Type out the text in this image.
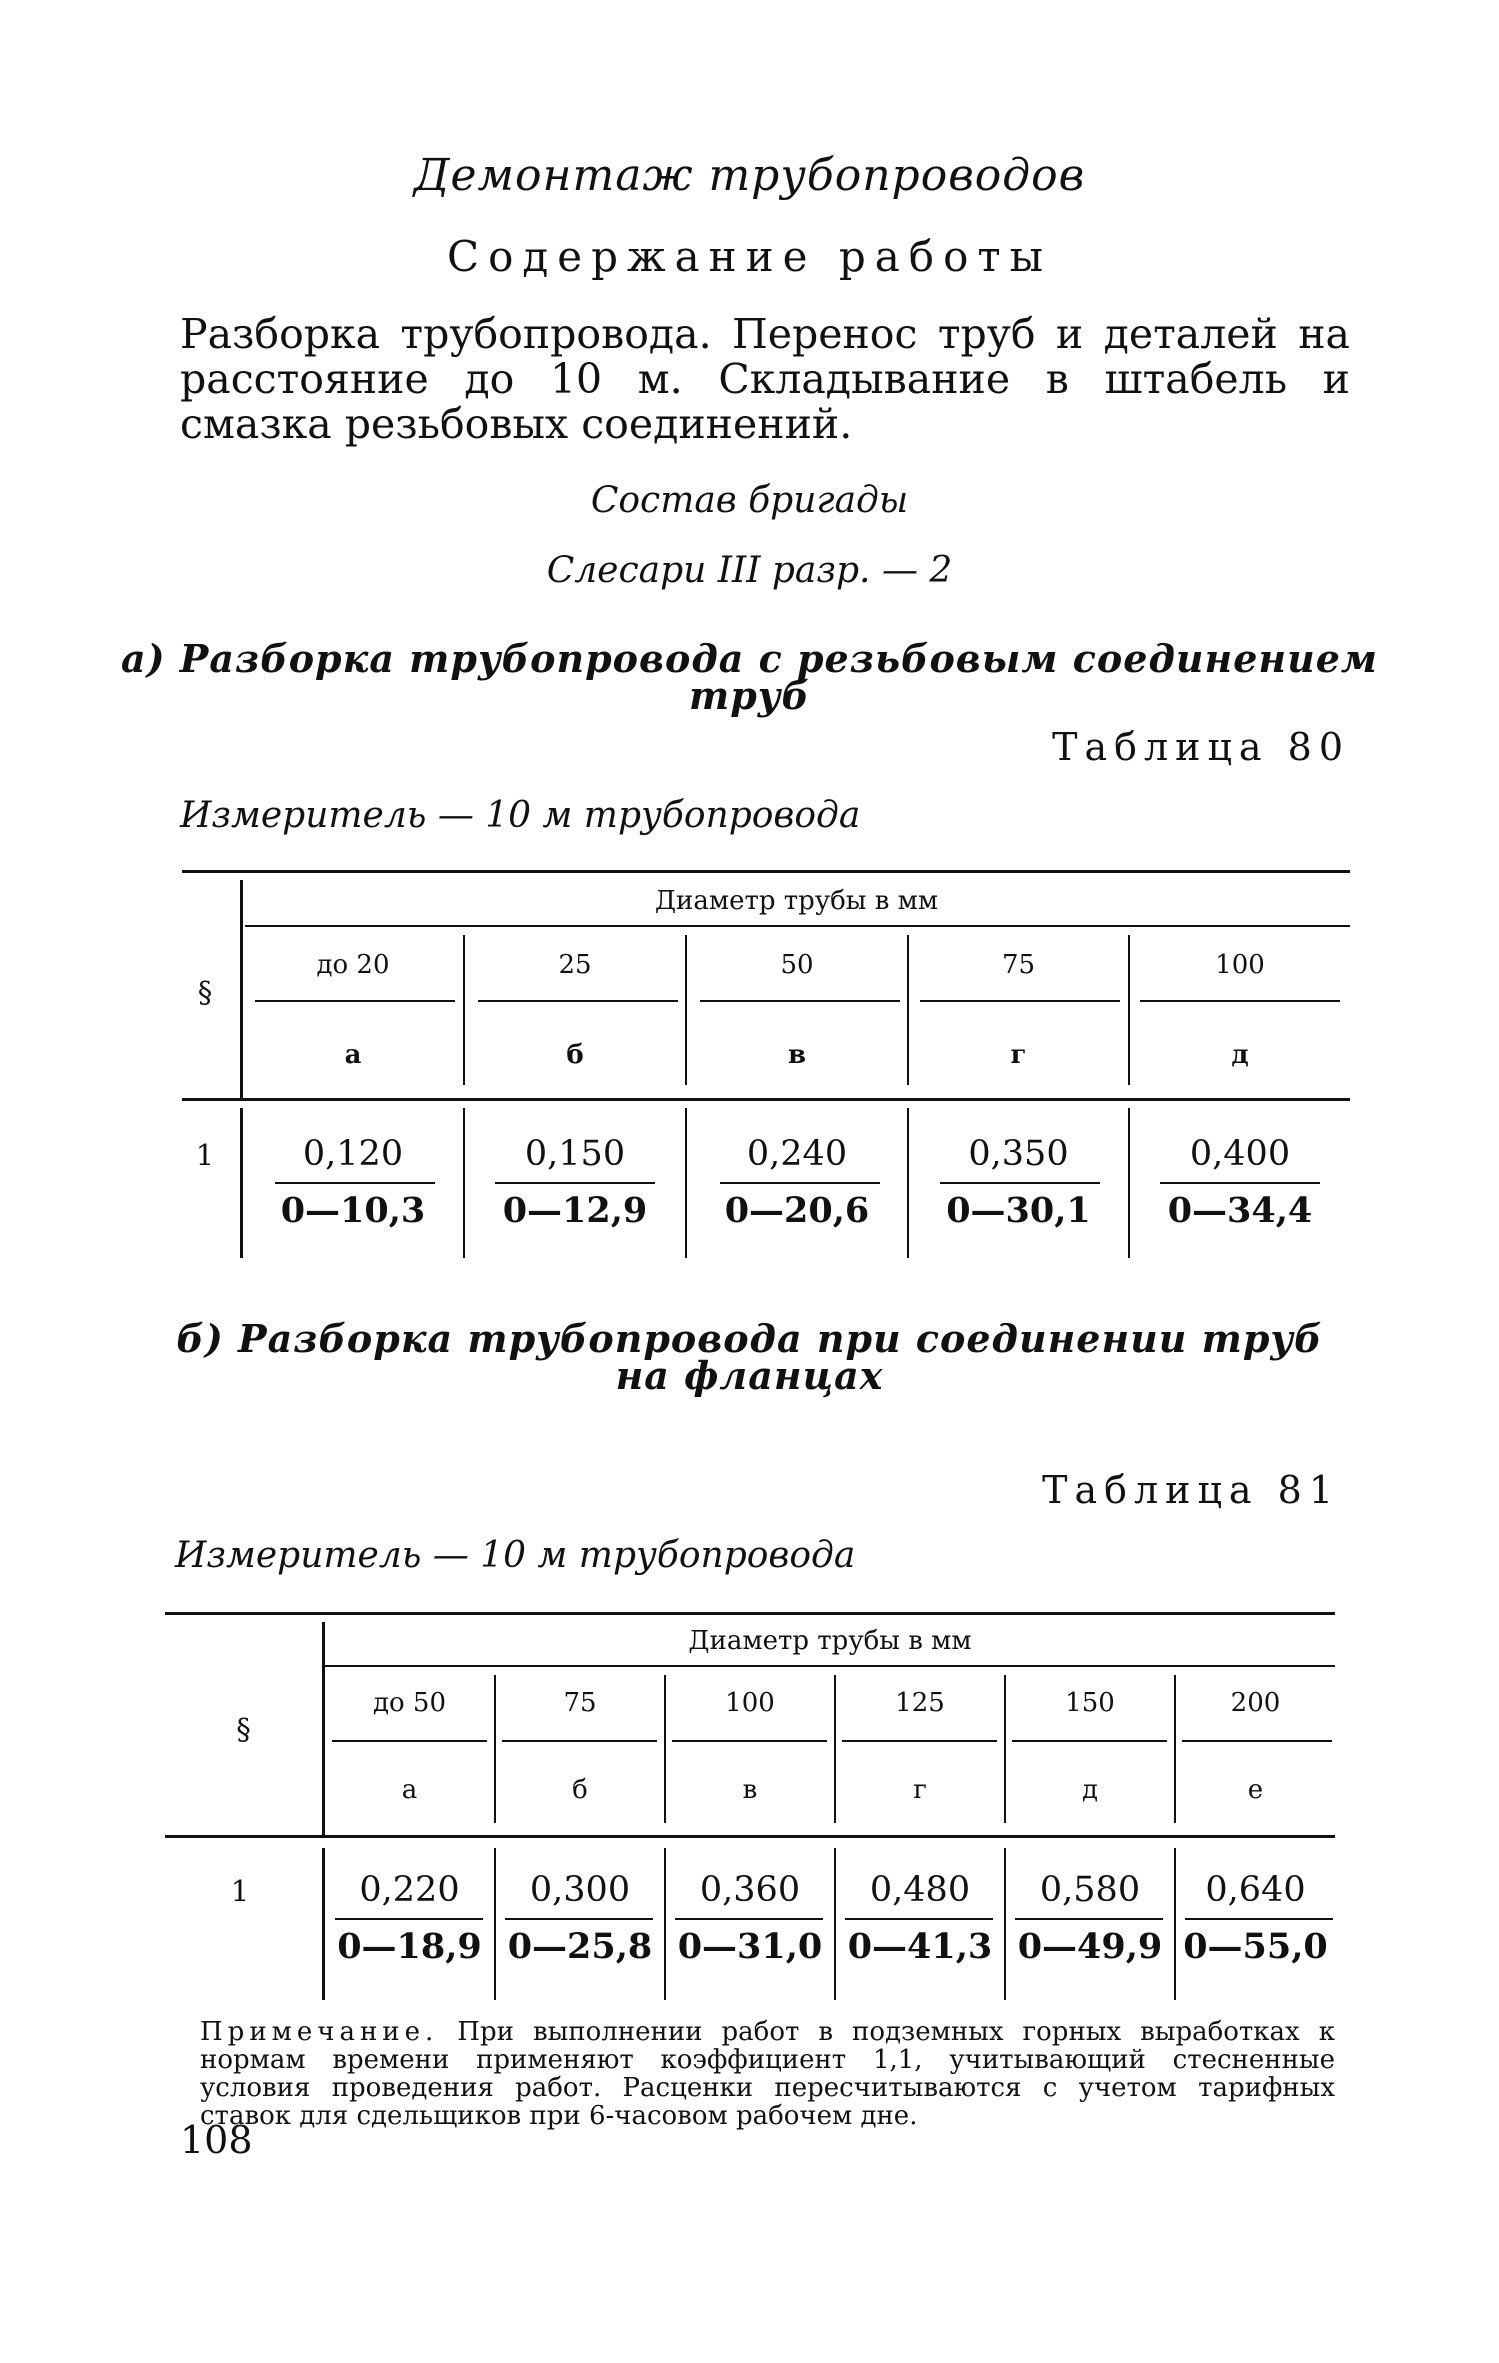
Демонтаж трубопроводов
Содержание работы
Разборка трубопровода. Перенос труб и деталей на расстояние до 10 м. Складывание в штабель и смазка резьбовых соединений.
Состав бригады
Слесари III разр. — 2
а) Разборка трубопровода с резьбовым соединением
труб
Таблица 80
Измеритель — 10 м трубопровода
§
Диаметр трубы в мм
до 20	25	50	75	100
а	б	в	г	д
1	0,120	0,150	0,240	0,350	0,400
0—10,3	0—12,9	0—20,6	0—30,1	0—34,4
б) Разборка трубопровода при соединении труб
на фланцах
Таблица 81
Измеритель — 10 м трубопровода
§
Диаметр трубы в мм
до 50	75	100	125	150	200
а	б	в	г	д	е
1	0,220	0,300	0,360	0,480	0,580	0,640
0—18,9 0—25,8 0—31,0 0—41,3 0—49,9 0—55,0
Примечание. При выполнении работ в подземных горных выработках к нормам времени применяют коэффициент 1,1, учитывающий стесненные условия проведения работ. Расценки пересчитываются с учетом тарифных ставок для сдельщиков при 6-часовом рабочем дне.
108
